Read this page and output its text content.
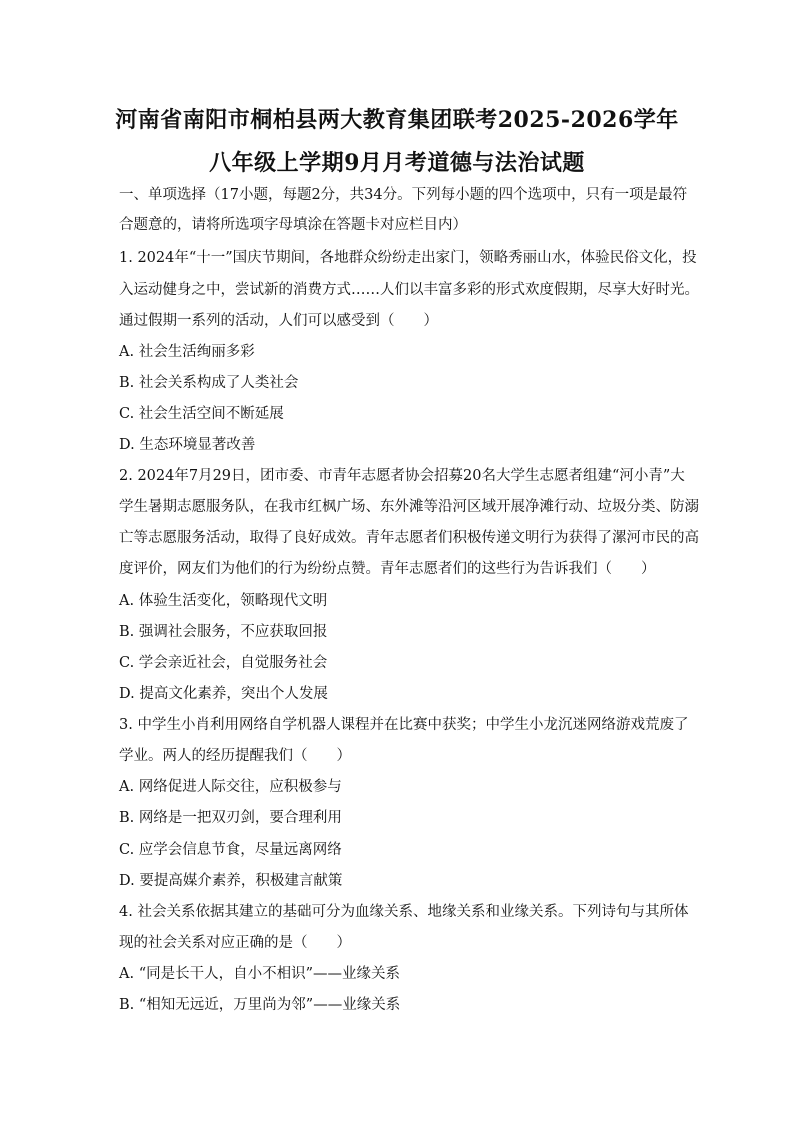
河南省南阳市桐柏县两大教育集团联考2025-2026学年
八年级上学期9月月考道德与法治试题
一、单项选择（17小题，每题2分，共34分。下列每小题的四个选项中，只有一项是最符
合题意的，请将所选项字母填涂在答题卡对应栏目内）
1. 2024年“十一”国庆节期间，各地群众纷纷走出家门，领略秀丽山水，体验民俗文化，投
入运动健身之中，尝试新的消费方式……人们以丰富多彩的形式欢度假期，尽享大好时光。
通过假期一系列的活动，人们可以感受到（　　）
A. 社会生活绚丽多彩
B. 社会关系构成了人类社会
C. 社会生活空间不断延展
D. 生态环境显著改善
2. 2024年7月29日，团市委、市青年志愿者协会招募20名大学生志愿者组建“河小青”大
学生暑期志愿服务队，在我市红枫广场、东外滩等沿河区域开展净滩行动、垃圾分类、防溺
亡等志愿服务活动，取得了良好成效。青年志愿者们积极传递文明行为获得了漯河市民的高
度评价，网友们为他们的行为纷纷点赞。青年志愿者们的这些行为告诉我们（　　）
A. 体验生活变化，领略现代文明
B. 强调社会服务，不应获取回报
C. 学会亲近社会，自觉服务社会
D. 提高文化素养，突出个人发展
3. 中学生小肖利用网络自学机器人课程并在比赛中获奖；中学生小龙沉迷网络游戏荒废了
学业。两人的经历提醒我们（　　）
A. 网络促进人际交往，应积极参与
B. 网络是一把双刃剑，要合理利用
C. 应学会信息节食，尽量远离网络
D. 要提高媒介素养，积极建言献策
4. 社会关系依据其建立的基础可分为血缘关系、地缘关系和业缘关系。下列诗句与其所体
现的社会关系对应正确的是（　　）
A. “同是长干人，自小不相识”——业缘关系
B. “相知无远近，万里尚为邻”——业缘关系
